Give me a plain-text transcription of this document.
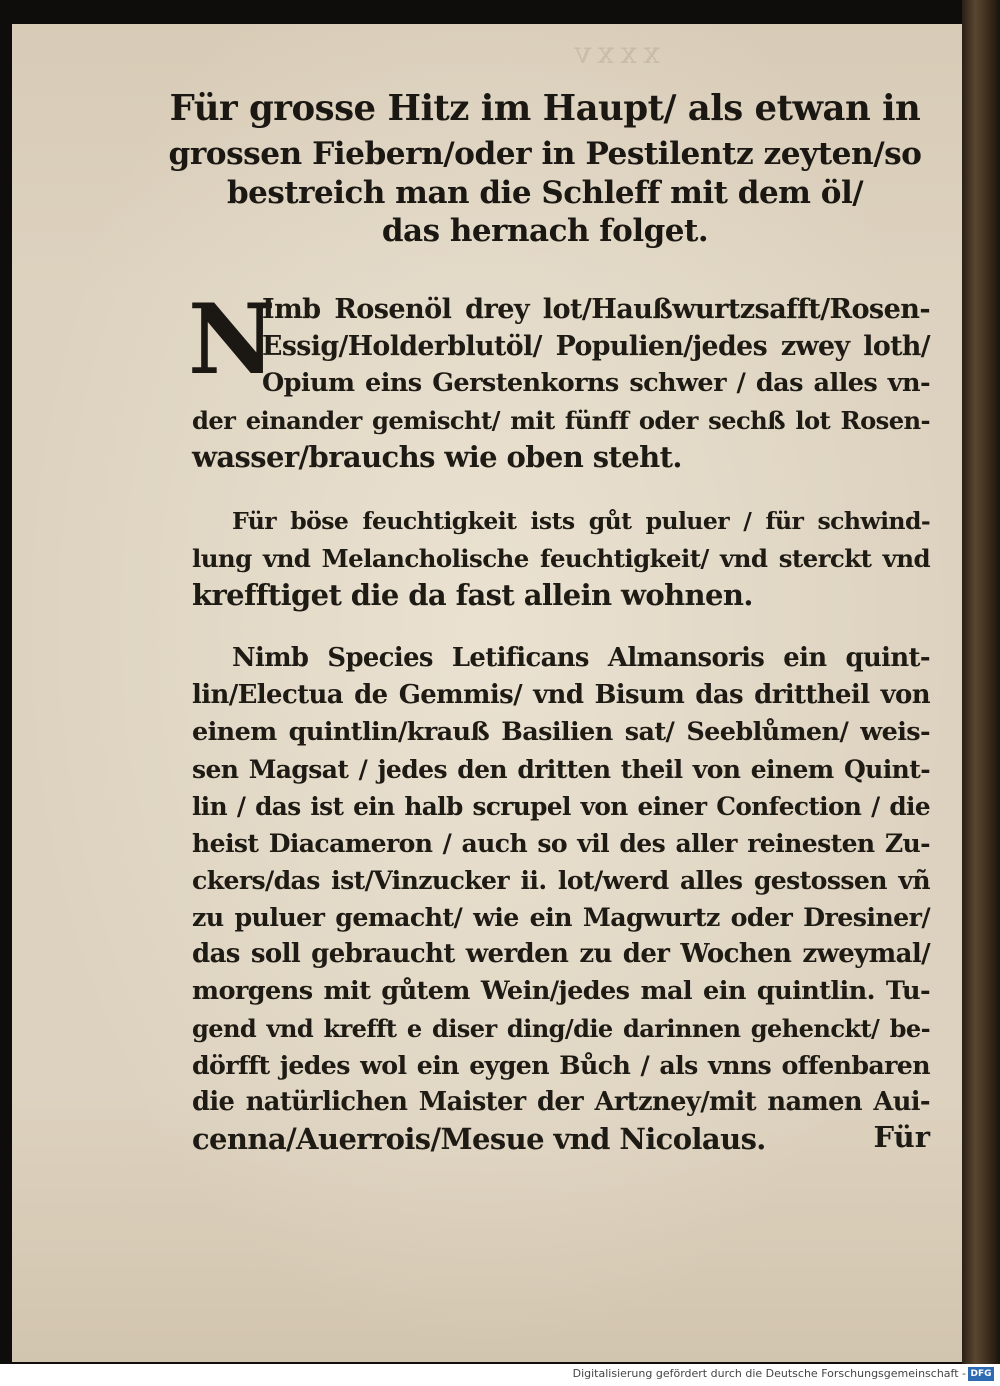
xxxv
Für grosse Hitz im Haupt/ als etwan in
grossen Fiebern/oder in Pestilentz zeyten/so
bestreich man die Schleff mit dem öl/
das hernach folget.
N
Imb Rosenöl drey lot/Haußwurtzsafft/Rosen-
Essig/Holderblutöl/ Populien/jedes zwey loth/
Opium eins Gerstenkorns schwer / das alles vn-
der einander gemischt/ mit fünff oder sechß lot Rosen-
wasser/brauchs wie oben steht.
Für böse feuchtigkeit ists gůt puluer / für schwind-
lung vnd Melancholische feuchtigkeit/ vnd sterckt vnd
krefftiget die da fast allein wohnen.
Nimb Species Letificans Almansoris ein quint-
lin/Electua de Gemmis/ vnd Bisum das drittheil von
einem quintlin/krauß Basilien sat/ Seeblůmen/ weis-
sen Magsat / jedes den dritten theil von einem Quint-
lin / das ist ein halb scrupel von einer Confection / die
heist Diacameron / auch so vil des aller reinesten Zu-
ckers/das ist/Vinzucker ii. lot/werd alles gestossen vñ
zu puluer gemacht/ wie ein Magwurtz oder Dresiner/
das soll gebraucht werden zu der Wochen zweymal/
morgens mit gůtem Wein/jedes mal ein quintlin. Tu-
gend vnd krefft e diser ding/die darinnen gehenckt/ be-
dörfft jedes wol ein eygen Bůch / als vnns offenbaren
die natürlichen Maister der Artzney/mit namen Aui-
cenna/Auerrois/Mesue vnd Nicolaus.	Für
Digitalisierung gefördert durch die Deutsche Forschungsgemeinschaft - DFG
